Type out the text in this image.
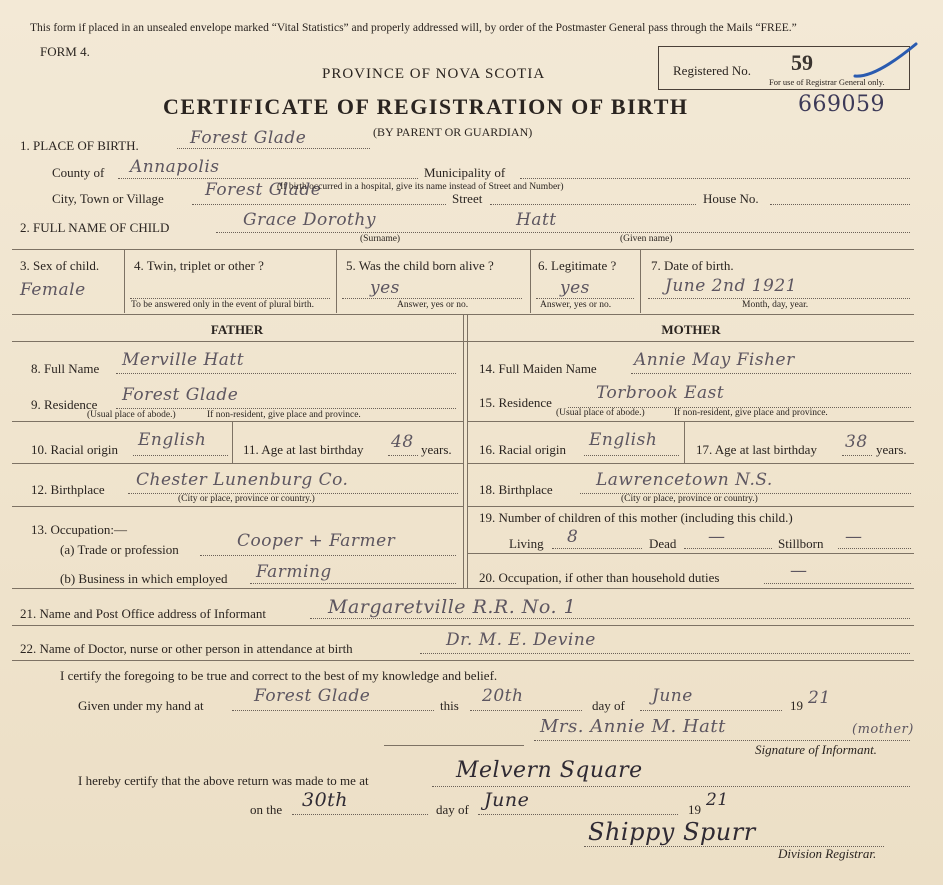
This form if placed in an unsealed envelope marked “Vital Statistics” and properly addressed will, by order of the Postmaster General pass through the Mails “FREE.”
FORM 4.
PROVINCE OF NOVA SCOTIA
CERTIFICATE OF REGISTRATION OF BIRTH
Registered No. 59
For use of Registrar General only.
669059
1. PLACE OF BIRTH.	Forest Glade	(BY PARENT OR GUARDIAN)
County of Annapolis	Municipality of
City, Town or Village Forest Glade
(If birth occurred in a hospital, give its name instead of Street and Number)
Street	House No.
2. FULL NAME OF CHILD	Grace Dorothy	Hatt
(Surname)	(Given name)
3. Sex of child.
Female
4. Twin, triplet or other ?
To be answered only in the event of plural birth.
5. Was the child born alive ?
yes
Answer, yes or no.
6. Legitimate ?
yes
Answer, yes or no.
7. Date of birth.
June 2nd 1921
Month, day, year.
FATHER	MOTHER
8. Full Name Merville Hatt
9. Residence Forest Glade
(Usual place of abode.)	If non-resident, give place and province.
10. Racial origin English	11. Age at last birthday 48 years.
12. Birthplace Chester Lunenburg Co.
(City or place, province or country.)
13. Occupation:—
(a) Trade or profession	Cooper + Farmer
(b) Business in which employed Farming
14. Full Maiden Name Annie May Fisher
15. Residence	Torbrook East
(Usual place of abode.)	If non-resident, give place and province.
16. Racial origin English	17. Age at last birthday 38 years.
18. Birthplace	Lawrencetown N.S.
(City or place, province or country.)
19. Number of children of this mother (including this child.)
Living 8	Dead —	Stillborn —
20. Occupation, if other than household duties	—
21. Name and Post Office address of Informant	Margaretville R.R. No. 1
22. Name of Doctor, nurse or other person in attendance at birth	Dr. M. E. Devine
I certify the foregoing to be true and correct to the best of my knowledge and belief.
Given under my hand at	Forest Glade	this 20th	day of June	19 21
Mrs. Annie M. Hatt	(mother)
Signature of Informant.
I hereby certify that the above return was made to me at	Melvern Square
on the 30th	day of June	19 21
Shippy Spurr
Division Registrar.
